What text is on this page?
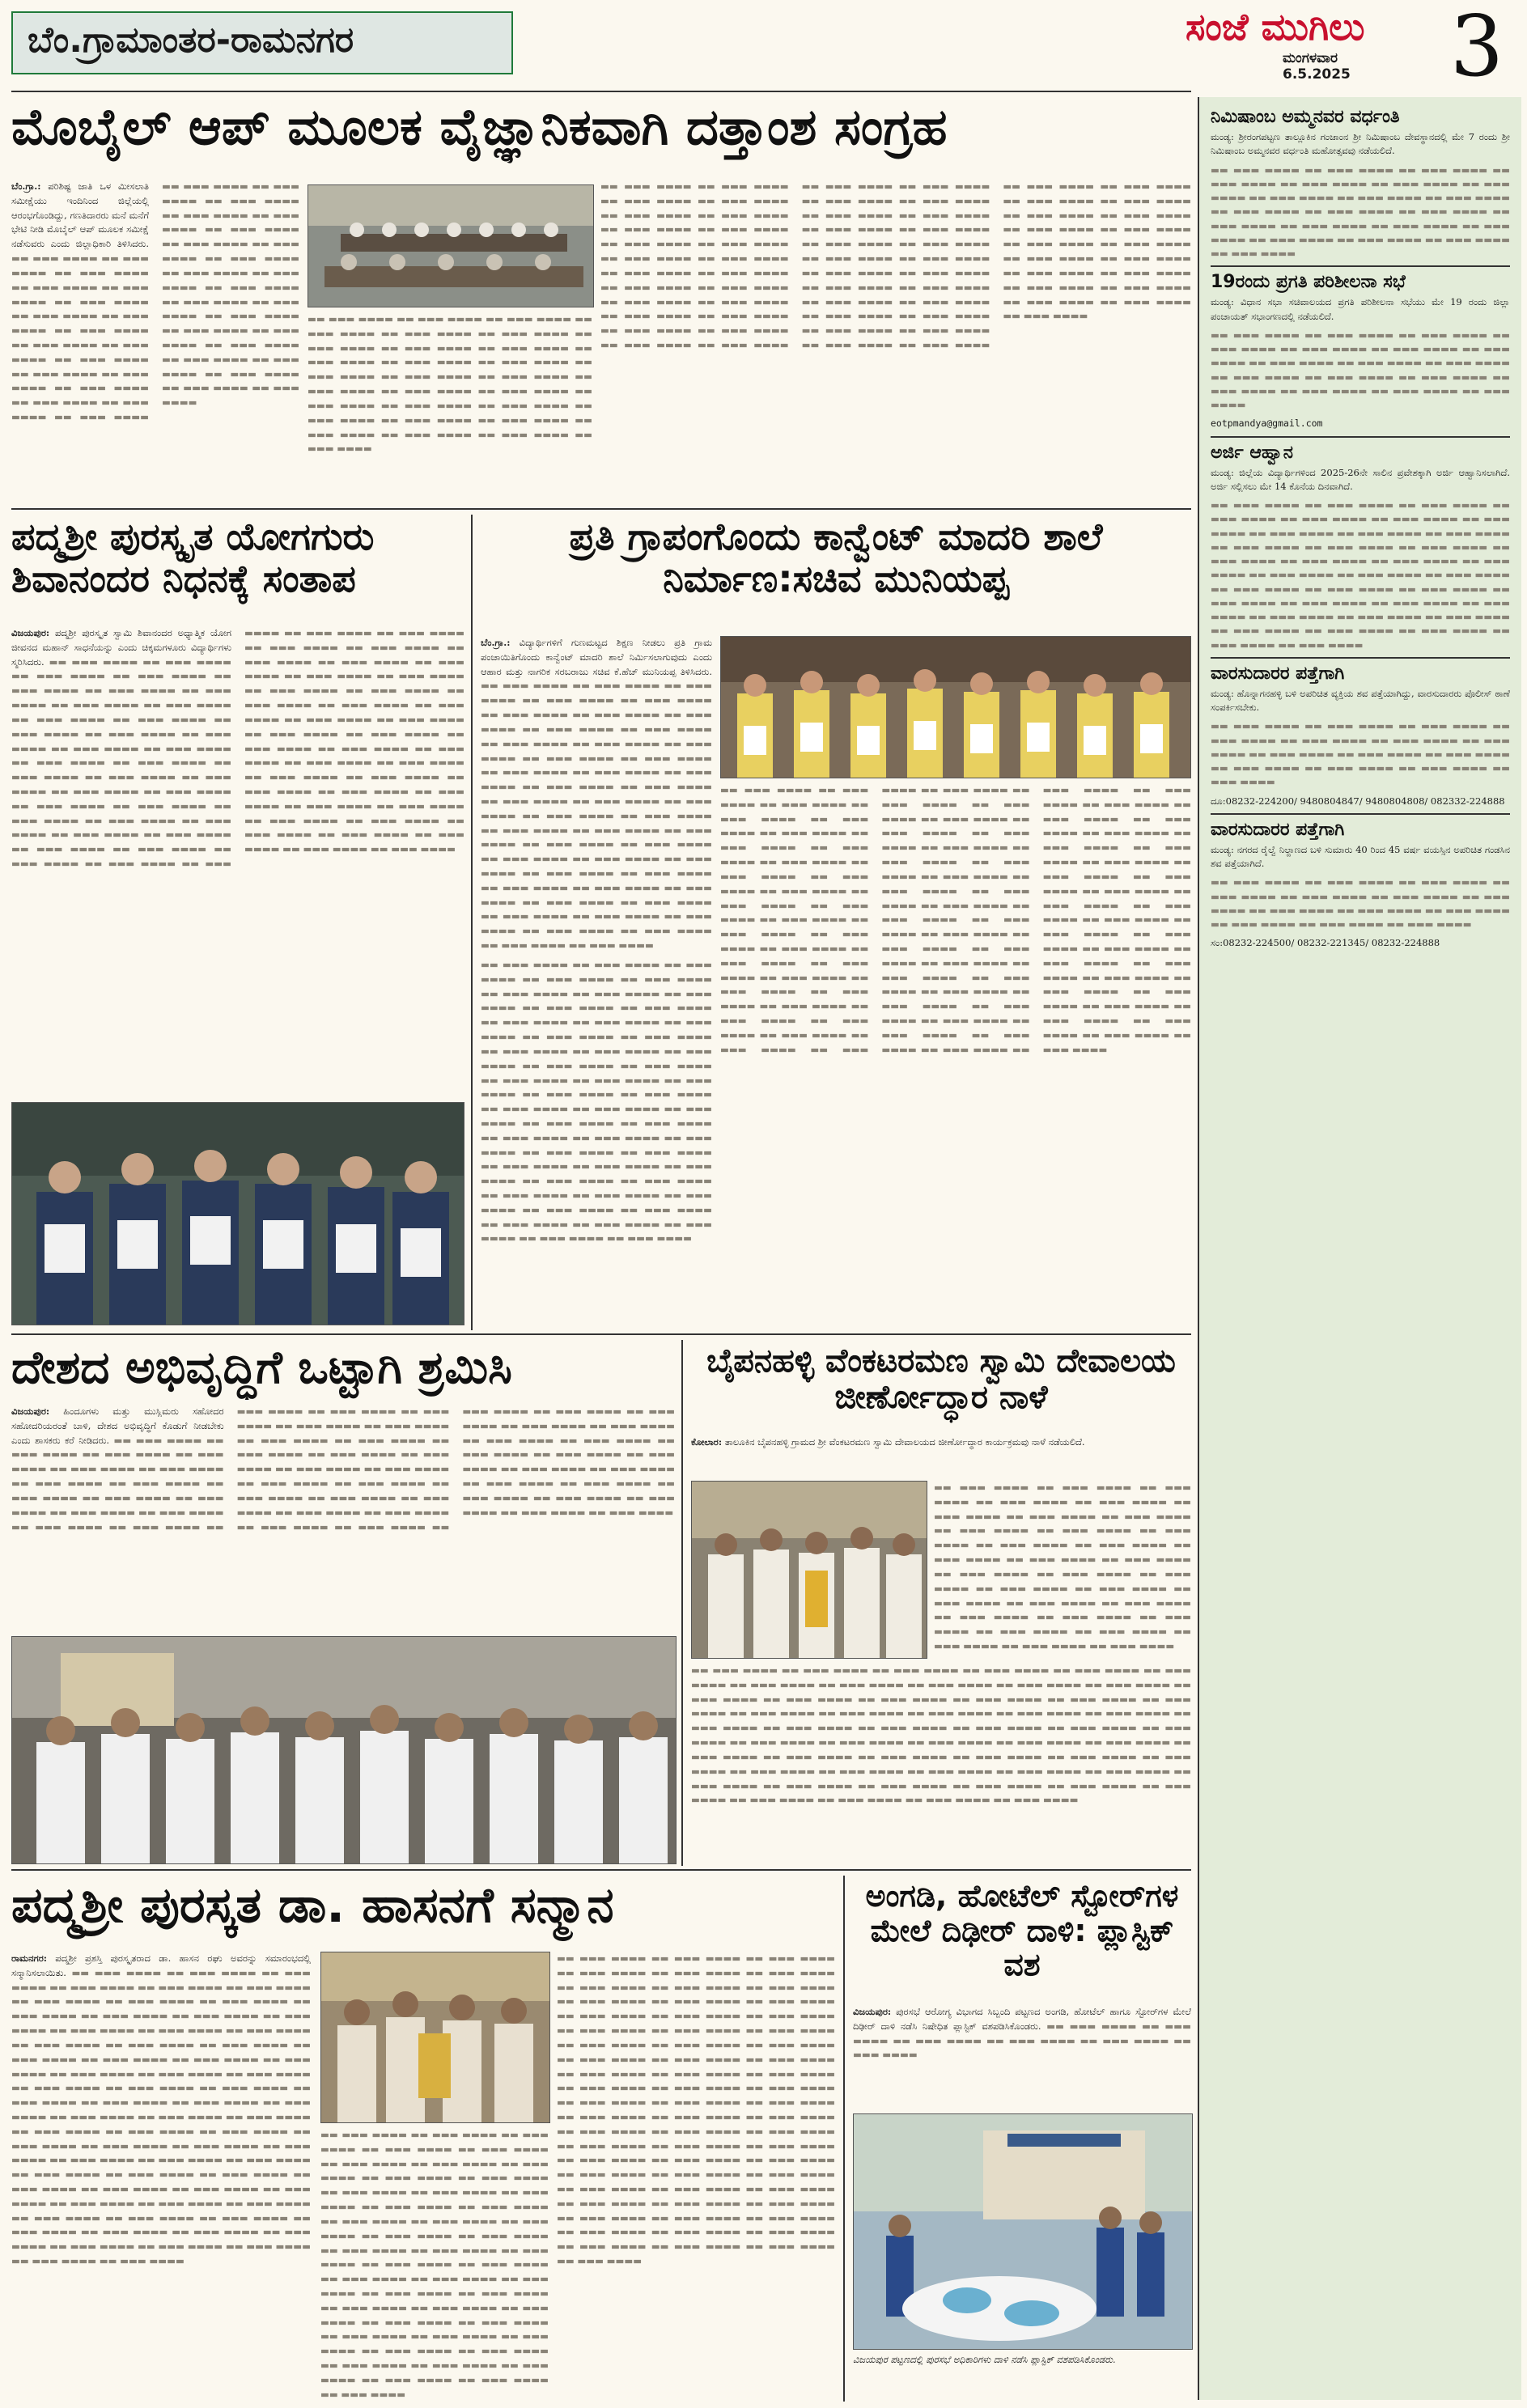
ಬೆಂ.ಗ್ರಾಮಾಂತರ-ರಾಮನಗರ	ಸಂಜೆ ಮುಗಿಲು
ಮಂಗಳವಾರ
6.5.2025	3
ನಿಮಿಷಾಂಬ ಅಮ್ಮನವರ ವರ್ಧಂತಿ

ಮಂಡ್ಯ: ಶ್ರೀರಂಗಪಟ್ಟಣ ತಾಲ್ಲೂಕಿನ ಗಂಜಾಂನ ಶ್ರೀ ನಿಮಿಷಾಂಬ ದೇವಸ್ಥಾನದಲ್ಲಿ ಮೇ 7 ರಂದು ಶ್ರೀ ನಿಮಿಷಾಂಬ ಅಮ್ಮನವರ ವರ್ಧಂತಿ ಮಹೋತ್ಸವವು ನಡೆಯಲಿದೆ.

▬▬ ▬▬▬ ▬▬▬▬ ▬▬ ▬▬▬ ▬▬▬▬ ▬▬ ▬▬▬ ▬▬▬▬ ▬▬ ▬▬▬ ▬▬▬▬ ▬▬ ▬▬▬ ▬▬▬▬ ▬▬ ▬▬▬ ▬▬▬▬ ▬▬ ▬▬▬ ▬▬▬▬ ▬▬ ▬▬▬ ▬▬▬▬ ▬▬ ▬▬▬ ▬▬▬▬ ▬▬ ▬▬▬ ▬▬▬▬ ▬▬ ▬▬▬ ▬▬▬▬ ▬▬ ▬▬▬ ▬▬▬▬ ▬▬ ▬▬▬ ▬▬▬▬ ▬▬ ▬▬▬ ▬▬▬▬ ▬▬ ▬▬▬ ▬▬▬▬ ▬▬ ▬▬▬ ▬▬▬▬ ▬▬ ▬▬▬ ▬▬▬▬ ▬▬ ▬▬▬ ▬▬▬▬ ▬▬ ▬▬▬ ▬▬▬▬ ▬▬ ▬▬▬ ▬▬▬▬ ▬▬ ▬▬▬ ▬▬▬▬

19ರಂದು ಪ್ರಗತಿ ಪರಿಶೀಲನಾ ಸಭೆ

ಮಂಡ್ಯ: ವಿಧಾನ ಸಭಾ ಸಚಿವಾಲಯದ ಪ್ರಗತಿ ಪರಿಶೀಲನಾ ಸಭೆಯು ಮೇ 19 ರಂದು ಜಿಲ್ಲಾ ಪಂಚಾಯತ್ ಸಭಾಂಗಣದಲ್ಲಿ ನಡೆಯಲಿದೆ.

▬▬ ▬▬▬ ▬▬▬▬ ▬▬ ▬▬▬ ▬▬▬▬ ▬▬ ▬▬▬ ▬▬▬▬ ▬▬ ▬▬▬ ▬▬▬▬ ▬▬ ▬▬▬ ▬▬▬▬ ▬▬ ▬▬▬ ▬▬▬▬ ▬▬ ▬▬▬ ▬▬▬▬ ▬▬ ▬▬▬ ▬▬▬▬ ▬▬ ▬▬▬ ▬▬▬▬ ▬▬ ▬▬▬ ▬▬▬▬ ▬▬ ▬▬▬ ▬▬▬▬ ▬▬ ▬▬▬ ▬▬▬▬ ▬▬ ▬▬▬ ▬▬▬▬ ▬▬ ▬▬▬ ▬▬▬▬ ▬▬ ▬▬▬ ▬▬▬▬ ▬▬ ▬▬▬ ▬▬▬▬ ▬▬ ▬▬▬ ▬▬▬▬

eotpmandya@gmail.com

ಅರ್ಜಿ ಆಹ್ವಾನ

ಮಂಡ್ಯ: ಜಿಲ್ಲೆಯ ವಿದ್ಯಾರ್ಥಿಗಳಿಂದ 2025-26ನೇ ಸಾಲಿನ ಪ್ರವೇಶಕ್ಕಾಗಿ ಅರ್ಜಿ ಆಹ್ವಾನಿಸಲಾಗಿದೆ. ಅರ್ಜಿ ಸಲ್ಲಿಸಲು ಮೇ 14 ಕೊನೆಯ ದಿನವಾಗಿದೆ.

▬▬ ▬▬▬ ▬▬▬▬ ▬▬ ▬▬▬ ▬▬▬▬ ▬▬ ▬▬▬ ▬▬▬▬ ▬▬ ▬▬▬ ▬▬▬▬ ▬▬ ▬▬▬ ▬▬▬▬ ▬▬ ▬▬▬ ▬▬▬▬ ▬▬ ▬▬▬ ▬▬▬▬ ▬▬ ▬▬▬ ▬▬▬▬ ▬▬ ▬▬▬ ▬▬▬▬ ▬▬ ▬▬▬ ▬▬▬▬ ▬▬ ▬▬▬ ▬▬▬▬ ▬▬ ▬▬▬ ▬▬▬▬ ▬▬ ▬▬▬ ▬▬▬▬ ▬▬ ▬▬▬ ▬▬▬▬ ▬▬ ▬▬▬ ▬▬▬▬ ▬▬ ▬▬▬ ▬▬▬▬ ▬▬ ▬▬▬ ▬▬▬▬ ▬▬ ▬▬▬ ▬▬▬▬ ▬▬ ▬▬▬ ▬▬▬▬ ▬▬ ▬▬▬ ▬▬▬▬ ▬▬ ▬▬▬ ▬▬▬▬ ▬▬ ▬▬▬ ▬▬▬▬ ▬▬ ▬▬▬ ▬▬▬▬ ▬▬ ▬▬▬ ▬▬▬▬ ▬▬ ▬▬▬ ▬▬▬▬ ▬▬ ▬▬▬ ▬▬▬▬ ▬▬ ▬▬▬ ▬▬▬▬ ▬▬ ▬▬▬ ▬▬▬▬ ▬▬ ▬▬▬ ▬▬▬▬ ▬▬ ▬▬▬ ▬▬▬▬ ▬▬ ▬▬▬ ▬▬▬▬ ▬▬ ▬▬▬ ▬▬▬▬ ▬▬ ▬▬▬ ▬▬▬▬ ▬▬ ▬▬▬ ▬▬▬▬ ▬▬ ▬▬▬ ▬▬▬▬

ವಾರಸುದಾರರ ಪತ್ತೆಗಾಗಿ

ಮಂಡ್ಯ: ಹೊನ್ನಾಗನಹಳ್ಳಿ ಬಳಿ ಅಪರಿಚಿತ ವ್ಯಕ್ತಿಯ ಶವ ಪತ್ತೆಯಾಗಿದ್ದು, ವಾರಸುದಾರರು ಪೊಲೀಸ್ ಠಾಣೆ ಸಂಪರ್ಕಿಸಬೇಕು.

▬▬ ▬▬▬ ▬▬▬▬ ▬▬ ▬▬▬ ▬▬▬▬ ▬▬ ▬▬▬ ▬▬▬▬ ▬▬ ▬▬▬ ▬▬▬▬ ▬▬ ▬▬▬ ▬▬▬▬ ▬▬ ▬▬▬ ▬▬▬▬ ▬▬ ▬▬▬ ▬▬▬▬ ▬▬ ▬▬▬ ▬▬▬▬ ▬▬ ▬▬▬ ▬▬▬▬ ▬▬ ▬▬▬ ▬▬▬▬ ▬▬ ▬▬▬ ▬▬▬▬ ▬▬ ▬▬▬ ▬▬▬▬ ▬▬ ▬▬▬ ▬▬▬▬ ▬▬ ▬▬▬ ▬▬▬▬

ದೂ:08232-224200/ 9480804847/ 9480804808/ 082332-224888

ವಾರಸುದಾರರ ಪತ್ತೆಗಾಗಿ

ಮಂಡ್ಯ: ನಗರದ ರೈಲ್ವೆ ನಿಲ್ದಾಣದ ಬಳಿ ಸುಮಾರು 40 ರಿಂದ 45 ವರ್ಷ ವಯಸ್ಸಿನ ಅಪರಿಚಿತ ಗಂಡಸಿನ ಶವ ಪತ್ತೆಯಾಗಿದೆ.

▬▬ ▬▬▬ ▬▬▬▬ ▬▬ ▬▬▬ ▬▬▬▬ ▬▬ ▬▬▬ ▬▬▬▬ ▬▬ ▬▬▬ ▬▬▬▬ ▬▬ ▬▬▬ ▬▬▬▬ ▬▬ ▬▬▬ ▬▬▬▬ ▬▬ ▬▬▬ ▬▬▬▬ ▬▬ ▬▬▬ ▬▬▬▬ ▬▬ ▬▬▬ ▬▬▬▬ ▬▬ ▬▬▬ ▬▬▬▬ ▬▬ ▬▬▬ ▬▬▬▬ ▬▬ ▬▬▬ ▬▬▬▬ ▬▬ ▬▬▬ ▬▬▬▬

ಸಂ:08232-224500/ 08232-221345/ 08232-224888

ಮೊಬೈಲ್ ಆಪ್ ಮೂಲಕ ವೈಜ್ಞಾನಿಕವಾಗಿ ದತ್ತಾಂಶ ಸಂಗ್ರಹ
ಬೆಂ.ಗ್ರಾ.: ಪರಿಶಿಷ್ಟ ಜಾತಿ ಒಳ ಮೀಸಲಾತಿ ಸಮೀಕ್ಷೆಯು ಇಂದಿನಿಂದ ಜಿಲ್ಲೆಯಲ್ಲಿ ಆರಂಭಗೊಂಡಿದ್ದು, ಗಣತಿದಾರರು ಮನೆ ಮನೆಗೆ ಭೇಟಿ ನೀಡಿ ಮೊಬೈಲ್ ಆಪ್ ಮೂಲಕ ಸಮೀಕ್ಷೆ ನಡೆಸುವರು ಎಂದು ಜಿಲ್ಲಾಧಿಕಾರಿ ತಿಳಿಸಿದರು. ▬▬ ▬▬▬ ▬▬▬▬ ▬▬ ▬▬▬ ▬▬▬▬ ▬▬ ▬▬▬ ▬▬▬▬ ▬▬ ▬▬▬ ▬▬▬▬ ▬▬ ▬▬▬ ▬▬▬▬ ▬▬ ▬▬▬ ▬▬▬▬ ▬▬ ▬▬▬ ▬▬▬▬ ▬▬ ▬▬▬ ▬▬▬▬ ▬▬ ▬▬▬ ▬▬▬▬ ▬▬ ▬▬▬ ▬▬▬▬ ▬▬ ▬▬▬ ▬▬▬▬ ▬▬ ▬▬▬ ▬▬▬▬ ▬▬ ▬▬▬ ▬▬▬▬ ▬▬ ▬▬▬ ▬▬▬▬ ▬▬ ▬▬▬ ▬▬▬▬ ▬▬ ▬▬▬ ▬▬▬▬ ▬▬ ▬▬▬ ▬▬▬▬ ▬▬ ▬▬▬ ▬▬▬▬ ▬▬ ▬▬▬ ▬▬▬▬ ▬▬ ▬▬▬ ▬▬▬▬ ▬▬ ▬▬▬ ▬▬▬▬ ▬▬ ▬▬▬ ▬▬▬▬ ▬▬ ▬▬▬ ▬▬▬▬ ▬▬ ▬▬▬ ▬▬▬▬ ▬▬ ▬▬▬ ▬▬▬▬ ▬▬ ▬▬▬ ▬▬▬▬ ▬▬ ▬▬▬ ▬▬▬▬ ▬▬ ▬▬▬ ▬▬▬▬ ▬▬ ▬▬▬ ▬▬▬▬ ▬▬ ▬▬▬ ▬▬▬▬ ▬▬ ▬▬▬ ▬▬▬▬ ▬▬ ▬▬▬ ▬▬▬▬ ▬▬ ▬▬▬ ▬▬▬▬ ▬▬ ▬▬▬ ▬▬▬▬ ▬▬ ▬▬▬ ▬▬▬▬ ▬▬ ▬▬▬ ▬▬▬▬ ▬▬ ▬▬▬ ▬▬▬▬ ▬▬ ▬▬▬ ▬▬▬▬ ▬▬ ▬▬▬ ▬▬▬▬ ▬▬ ▬▬▬ ▬▬▬▬ ▬▬ ▬▬▬ ▬▬▬▬
▬▬ ▬▬▬ ▬▬▬▬ ▬▬ ▬▬▬ ▬▬▬▬ ▬▬ ▬▬▬ ▬▬▬▬ ▬▬ ▬▬▬ ▬▬▬▬ ▬▬ ▬▬▬ ▬▬▬▬ ▬▬ ▬▬▬ ▬▬▬▬ ▬▬ ▬▬▬ ▬▬▬▬ ▬▬ ▬▬▬ ▬▬▬▬ ▬▬ ▬▬▬ ▬▬▬▬ ▬▬ ▬▬▬ ▬▬▬▬ ▬▬ ▬▬▬ ▬▬▬▬ ▬▬ ▬▬▬ ▬▬▬▬ ▬▬ ▬▬▬ ▬▬▬▬ ▬▬ ▬▬▬ ▬▬▬▬ ▬▬ ▬▬▬ ▬▬▬▬ ▬▬ ▬▬▬ ▬▬▬▬ ▬▬ ▬▬▬ ▬▬▬▬ ▬▬ ▬▬▬ ▬▬▬▬ ▬▬ ▬▬▬ ▬▬▬▬ ▬▬ ▬▬▬ ▬▬▬▬ ▬▬ ▬▬▬ ▬▬▬▬ ▬▬ ▬▬▬ ▬▬▬▬ ▬▬ ▬▬▬ ▬▬▬▬ ▬▬ ▬▬▬ ▬▬▬▬ ▬▬ ▬▬▬ ▬▬▬▬ ▬▬ ▬▬▬ ▬▬▬▬ ▬▬ ▬▬▬ ▬▬▬▬ ▬▬ ▬▬▬ ▬▬▬▬
▬▬ ▬▬▬ ▬▬▬▬ ▬▬ ▬▬▬ ▬▬▬▬ ▬▬ ▬▬▬ ▬▬▬▬ ▬▬ ▬▬▬ ▬▬▬▬ ▬▬ ▬▬▬ ▬▬▬▬ ▬▬ ▬▬▬ ▬▬▬▬ ▬▬ ▬▬▬ ▬▬▬▬ ▬▬ ▬▬▬ ▬▬▬▬ ▬▬ ▬▬▬ ▬▬▬▬ ▬▬ ▬▬▬ ▬▬▬▬ ▬▬ ▬▬▬ ▬▬▬▬ ▬▬ ▬▬▬ ▬▬▬▬ ▬▬ ▬▬▬ ▬▬▬▬ ▬▬ ▬▬▬ ▬▬▬▬ ▬▬ ▬▬▬ ▬▬▬▬ ▬▬ ▬▬▬ ▬▬▬▬ ▬▬ ▬▬▬ ▬▬▬▬ ▬▬ ▬▬▬ ▬▬▬▬ ▬▬ ▬▬▬ ▬▬▬▬ ▬▬ ▬▬▬ ▬▬▬▬ ▬▬ ▬▬▬ ▬▬▬▬ ▬▬ ▬▬▬ ▬▬▬▬ ▬▬ ▬▬▬ ▬▬▬▬ ▬▬ ▬▬▬ ▬▬▬▬ ▬▬ ▬▬▬ ▬▬▬▬ ▬▬ ▬▬▬ ▬▬▬▬ ▬▬ ▬▬▬ ▬▬▬▬ ▬▬ ▬▬▬ ▬▬▬▬ ▬▬ ▬▬▬ ▬▬▬▬ ▬▬ ▬▬▬ ▬▬▬▬ ▬▬ ▬▬▬ ▬▬▬▬ ▬▬ ▬▬▬ ▬▬▬▬ ▬▬ ▬▬▬ ▬▬▬▬ ▬▬ ▬▬▬ ▬▬▬▬ ▬▬ ▬▬▬ ▬▬▬▬ ▬▬ ▬▬▬ ▬▬▬▬ ▬▬ ▬▬▬ ▬▬▬▬ ▬▬ ▬▬▬ ▬▬▬▬ ▬▬ ▬▬▬ ▬▬▬▬ ▬▬ ▬▬▬ ▬▬▬▬ ▬▬ ▬▬▬ ▬▬▬▬ ▬▬ ▬▬▬ ▬▬▬▬ ▬▬ ▬▬▬ ▬▬▬▬ ▬▬ ▬▬▬ ▬▬▬▬ ▬▬ ▬▬▬ ▬▬▬▬ ▬▬ ▬▬▬ ▬▬▬▬ ▬▬ ▬▬▬ ▬▬▬▬ ▬▬ ▬▬▬ ▬▬▬▬ ▬▬ ▬▬▬ ▬▬▬▬ ▬▬ ▬▬▬ ▬▬▬▬ ▬▬ ▬▬▬ ▬▬▬▬ ▬▬ ▬▬▬ ▬▬▬▬ ▬▬ ▬▬▬ ▬▬▬▬ ▬▬ ▬▬▬ ▬▬▬▬ ▬▬ ▬▬▬ ▬▬▬▬ ▬▬ ▬▬▬ ▬▬▬▬ ▬▬ ▬▬▬ ▬▬▬▬ ▬▬ ▬▬▬ ▬▬▬▬ ▬▬ ▬▬▬ ▬▬▬▬ ▬▬ ▬▬▬ ▬▬▬▬ ▬▬ ▬▬▬ ▬▬▬▬ ▬▬ ▬▬▬ ▬▬▬▬ ▬▬ ▬▬▬ ▬▬▬▬ ▬▬ ▬▬▬ ▬▬▬▬ ▬▬ ▬▬▬ ▬▬▬▬ ▬▬ ▬▬▬ ▬▬▬▬ ▬▬ ▬▬▬ ▬▬▬▬
ಪದ್ಮಶ್ರೀ ಪುರಸ್ಕೃತ ಯೋಗಗುರು ಶಿವಾನಂದರ ನಿಧನಕ್ಕೆ ಸಂತಾಪ
ವಿಜಯಪುರ: ಪದ್ಮಶ್ರೀ ಪುರಸ್ಕೃತ ಸ್ವಾಮಿ ಶಿವಾನಂದರ ಅಧ್ಯಾತ್ಮಿಕ ಯೋಗ ಜೀವನದ ಮಹಾನ್ ಸಾಧನೆಯನ್ನು ಎಂದು ಚಿಕ್ಕಮಗಳೂರು ವಿದ್ಯಾರ್ಥಿಗಳು ಸ್ಮರಿಸಿದರು. ▬▬ ▬▬▬ ▬▬▬▬ ▬▬ ▬▬▬ ▬▬▬▬ ▬▬ ▬▬▬ ▬▬▬▬ ▬▬ ▬▬▬ ▬▬▬▬ ▬▬ ▬▬▬ ▬▬▬▬ ▬▬ ▬▬▬ ▬▬▬▬ ▬▬ ▬▬▬ ▬▬▬▬ ▬▬ ▬▬▬ ▬▬▬▬ ▬▬ ▬▬▬ ▬▬▬▬ ▬▬ ▬▬▬ ▬▬▬▬ ▬▬ ▬▬▬ ▬▬▬▬ ▬▬ ▬▬▬ ▬▬▬▬ ▬▬ ▬▬▬ ▬▬▬▬ ▬▬ ▬▬▬ ▬▬▬▬ ▬▬ ▬▬▬ ▬▬▬▬ ▬▬ ▬▬▬ ▬▬▬▬ ▬▬ ▬▬▬ ▬▬▬▬ ▬▬ ▬▬▬ ▬▬▬▬ ▬▬ ▬▬▬ ▬▬▬▬ ▬▬ ▬▬▬ ▬▬▬▬ ▬▬ ▬▬▬ ▬▬▬▬ ▬▬ ▬▬▬ ▬▬▬▬ ▬▬ ▬▬▬ ▬▬▬▬ ▬▬ ▬▬▬ ▬▬▬▬ ▬▬ ▬▬▬ ▬▬▬▬ ▬▬ ▬▬▬ ▬▬▬▬ ▬▬ ▬▬▬ ▬▬▬▬ ▬▬ ▬▬▬ ▬▬▬▬ ▬▬ ▬▬▬ ▬▬▬▬ ▬▬ ▬▬▬ ▬▬▬▬ ▬▬ ▬▬▬ ▬▬▬▬ ▬▬ ▬▬▬ ▬▬▬▬ ▬▬ ▬▬▬ ▬▬▬▬ ▬▬ ▬▬▬ ▬▬▬▬ ▬▬ ▬▬▬ ▬▬▬▬ ▬▬ ▬▬▬ ▬▬▬▬ ▬▬ ▬▬▬ ▬▬▬▬ ▬▬ ▬▬▬ ▬▬▬▬ ▬▬ ▬▬▬ ▬▬▬▬ ▬▬ ▬▬▬ ▬▬▬▬ ▬▬ ▬▬▬ ▬▬▬▬ ▬▬ ▬▬▬ ▬▬▬▬ ▬▬ ▬▬▬ ▬▬▬▬ ▬▬ ▬▬▬ ▬▬▬▬ ▬▬ ▬▬▬ ▬▬▬▬ ▬▬ ▬▬▬ ▬▬▬▬ ▬▬ ▬▬▬ ▬▬▬▬ ▬▬ ▬▬▬ ▬▬▬▬ ▬▬ ▬▬▬ ▬▬▬▬ ▬▬ ▬▬▬ ▬▬▬▬ ▬▬ ▬▬▬ ▬▬▬▬ ▬▬ ▬▬▬ ▬▬▬▬ ▬▬ ▬▬▬ ▬▬▬▬ ▬▬ ▬▬▬ ▬▬▬▬ ▬▬ ▬▬▬ ▬▬▬▬ ▬▬ ▬▬▬ ▬▬▬▬ ▬▬ ▬▬▬ ▬▬▬▬ ▬▬ ▬▬▬ ▬▬▬▬ ▬▬ ▬▬▬ ▬▬▬▬ ▬▬ ▬▬▬ ▬▬▬▬ ▬▬ ▬▬▬ ▬▬▬▬ ▬▬ ▬▬▬ ▬▬▬▬ ▬▬ ▬▬▬ ▬▬▬▬ ▬▬ ▬▬▬ ▬▬▬▬ ▬▬ ▬▬▬ ▬▬▬▬ ▬▬ ▬▬▬ ▬▬▬▬ ▬▬ ▬▬▬ ▬▬▬▬ ▬▬ ▬▬▬ ▬▬▬▬ ▬▬ ▬▬▬ ▬▬▬▬ ▬▬ ▬▬▬ ▬▬▬▬ ▬▬ ▬▬▬ ▬▬▬▬ ▬▬ ▬▬▬ ▬▬▬▬
ಪ್ರತಿ ಗ್ರಾಪಂಗೊಂದು ಕಾನ್ವೆಂಟ್ ಮಾದರಿ ಶಾಲೆ ನಿರ್ಮಾಣ:ಸಚಿವ ಮುನಿಯಪ್ಪ
ಬೆಂ.ಗ್ರಾ.: ವಿದ್ಯಾರ್ಥಿಗಳಿಗೆ ಗುಣಮಟ್ಟದ ಶಿಕ್ಷಣ ನೀಡಲು ಪ್ರತಿ ಗ್ರಾಮ ಪಂಚಾಯಿತಿಗೊಂದು ಕಾನ್ವೆಂಟ್ ಮಾದರಿ ಶಾಲೆ ನಿರ್ಮಿಸಲಾಗುವುದು ಎಂದು ಆಹಾರ ಮತ್ತು ನಾಗರಿಕ ಸರಬರಾಜು ಸಚಿವ ಕೆ.ಹೆಚ್ ಮುನಿಯಪ್ಪ ತಿಳಿಸಿದರು. ▬▬ ▬▬▬ ▬▬▬▬ ▬▬ ▬▬▬ ▬▬▬▬ ▬▬ ▬▬▬ ▬▬▬▬ ▬▬ ▬▬▬ ▬▬▬▬ ▬▬ ▬▬▬ ▬▬▬▬ ▬▬ ▬▬▬ ▬▬▬▬ ▬▬ ▬▬▬ ▬▬▬▬ ▬▬ ▬▬▬ ▬▬▬▬ ▬▬ ▬▬▬ ▬▬▬▬ ▬▬ ▬▬▬ ▬▬▬▬ ▬▬ ▬▬▬ ▬▬▬▬ ▬▬ ▬▬▬ ▬▬▬▬ ▬▬ ▬▬▬ ▬▬▬▬ ▬▬ ▬▬▬ ▬▬▬▬ ▬▬ ▬▬▬ ▬▬▬▬ ▬▬ ▬▬▬ ▬▬▬▬ ▬▬ ▬▬▬ ▬▬▬▬ ▬▬ ▬▬▬ ▬▬▬▬ ▬▬ ▬▬▬ ▬▬▬▬ ▬▬ ▬▬▬ ▬▬▬▬ ▬▬ ▬▬▬ ▬▬▬▬ ▬▬ ▬▬▬ ▬▬▬▬ ▬▬ ▬▬▬ ▬▬▬▬ ▬▬ ▬▬▬ ▬▬▬▬ ▬▬ ▬▬▬ ▬▬▬▬ ▬▬ ▬▬▬ ▬▬▬▬ ▬▬ ▬▬▬ ▬▬▬▬ ▬▬ ▬▬▬ ▬▬▬▬ ▬▬ ▬▬▬ ▬▬▬▬ ▬▬ ▬▬▬ ▬▬▬▬ ▬▬ ▬▬▬ ▬▬▬▬ ▬▬ ▬▬▬ ▬▬▬▬ ▬▬ ▬▬▬ ▬▬▬▬ ▬▬ ▬▬▬ ▬▬▬▬ ▬▬ ▬▬▬ ▬▬▬▬ ▬▬ ▬▬▬ ▬▬▬▬ ▬▬ ▬▬▬ ▬▬▬▬ ▬▬ ▬▬▬ ▬▬▬▬ ▬▬ ▬▬▬ ▬▬▬▬ ▬▬ ▬▬▬ ▬▬▬▬ ▬▬ ▬▬▬ ▬▬▬▬ ▬▬ ▬▬▬ ▬▬▬▬ ▬▬ ▬▬▬ ▬▬▬▬ ▬▬ ▬▬▬ ▬▬▬▬ ▬▬ ▬▬▬ ▬▬▬▬ ▬▬ ▬▬▬ ▬▬▬▬ ▬▬ ▬▬▬ ▬▬▬▬
▬▬ ▬▬▬ ▬▬▬▬ ▬▬ ▬▬▬ ▬▬▬▬ ▬▬ ▬▬▬ ▬▬▬▬ ▬▬ ▬▬▬ ▬▬▬▬ ▬▬ ▬▬▬ ▬▬▬▬ ▬▬ ▬▬▬ ▬▬▬▬ ▬▬ ▬▬▬ ▬▬▬▬ ▬▬ ▬▬▬ ▬▬▬▬ ▬▬ ▬▬▬ ▬▬▬▬ ▬▬ ▬▬▬ ▬▬▬▬ ▬▬ ▬▬▬ ▬▬▬▬ ▬▬ ▬▬▬ ▬▬▬▬ ▬▬ ▬▬▬ ▬▬▬▬ ▬▬ ▬▬▬ ▬▬▬▬ ▬▬ ▬▬▬ ▬▬▬▬ ▬▬ ▬▬▬ ▬▬▬▬ ▬▬ ▬▬▬ ▬▬▬▬ ▬▬ ▬▬▬ ▬▬▬▬ ▬▬ ▬▬▬ ▬▬▬▬ ▬▬ ▬▬▬ ▬▬▬▬ ▬▬ ▬▬▬ ▬▬▬▬ ▬▬ ▬▬▬ ▬▬▬▬ ▬▬ ▬▬▬ ▬▬▬▬ ▬▬ ▬▬▬ ▬▬▬▬ ▬▬ ▬▬▬ ▬▬▬▬ ▬▬ ▬▬▬ ▬▬▬▬ ▬▬ ▬▬▬ ▬▬▬▬ ▬▬ ▬▬▬ ▬▬▬▬ ▬▬ ▬▬▬ ▬▬▬▬ ▬▬ ▬▬▬ ▬▬▬▬ ▬▬ ▬▬▬ ▬▬▬▬ ▬▬ ▬▬▬ ▬▬▬▬ ▬▬ ▬▬▬ ▬▬▬▬ ▬▬ ▬▬▬ ▬▬▬▬ ▬▬ ▬▬▬ ▬▬▬▬ ▬▬ ▬▬▬ ▬▬▬▬ ▬▬ ▬▬▬ ▬▬▬▬ ▬▬ ▬▬▬ ▬▬▬▬ ▬▬ ▬▬▬ ▬▬▬▬ ▬▬ ▬▬▬ ▬▬▬▬ ▬▬ ▬▬▬ ▬▬▬▬ ▬▬ ▬▬▬ ▬▬▬▬ ▬▬ ▬▬▬ ▬▬▬▬ ▬▬ ▬▬▬ ▬▬▬▬ ▬▬ ▬▬▬ ▬▬▬▬ ▬▬ ▬▬▬ ▬▬▬▬ ▬▬ ▬▬▬ ▬▬▬▬ ▬▬ ▬▬▬ ▬▬▬▬ ▬▬ ▬▬▬ ▬▬▬▬ ▬▬ ▬▬▬ ▬▬▬▬ ▬▬ ▬▬▬ ▬▬▬▬ ▬▬ ▬▬▬ ▬▬▬▬ ▬▬ ▬▬▬ ▬▬▬▬ ▬▬ ▬▬▬ ▬▬▬▬ ▬▬ ▬▬▬ ▬▬▬▬ ▬▬ ▬▬▬ ▬▬▬▬ ▬▬ ▬▬▬ ▬▬▬▬ ▬▬ ▬▬▬ ▬▬▬▬ ▬▬ ▬▬▬ ▬▬▬▬ ▬▬ ▬▬▬ ▬▬▬▬ ▬▬ ▬▬▬ ▬▬▬▬ ▬▬ ▬▬▬ ▬▬▬▬ ▬▬ ▬▬▬ ▬▬▬▬ ▬▬ ▬▬▬ ▬▬▬▬ ▬▬ ▬▬▬ ▬▬▬▬ ▬▬ ▬▬▬ ▬▬▬▬ ▬▬ ▬▬▬ ▬▬▬▬ ▬▬ ▬▬▬ ▬▬▬▬ ▬▬ ▬▬▬ ▬▬▬▬ ▬▬ ▬▬▬ ▬▬▬▬ ▬▬ ▬▬▬ ▬▬▬▬ ▬▬ ▬▬▬ ▬▬▬▬ ▬▬ ▬▬▬ ▬▬▬▬ ▬▬ ▬▬▬ ▬▬▬▬ ▬▬ ▬▬▬ ▬▬▬▬ ▬▬ ▬▬▬ ▬▬▬▬ ▬▬ ▬▬▬ ▬▬▬▬ ▬▬ ▬▬▬ ▬▬▬▬ ▬▬ ▬▬▬ ▬▬▬▬ ▬▬ ▬▬▬ ▬▬▬▬ ▬▬ ▬▬▬ ▬▬▬▬ ▬▬ ▬▬▬ ▬▬▬▬ ▬▬ ▬▬▬ ▬▬▬▬ ▬▬ ▬▬▬ ▬▬▬▬ ▬▬ ▬▬▬ ▬▬▬▬
▬▬ ▬▬▬ ▬▬▬▬ ▬▬ ▬▬▬ ▬▬▬▬ ▬▬ ▬▬▬ ▬▬▬▬ ▬▬ ▬▬▬ ▬▬▬▬ ▬▬ ▬▬▬ ▬▬▬▬ ▬▬ ▬▬▬ ▬▬▬▬ ▬▬ ▬▬▬ ▬▬▬▬ ▬▬ ▬▬▬ ▬▬▬▬ ▬▬ ▬▬▬ ▬▬▬▬ ▬▬ ▬▬▬ ▬▬▬▬ ▬▬ ▬▬▬ ▬▬▬▬ ▬▬ ▬▬▬ ▬▬▬▬ ▬▬ ▬▬▬ ▬▬▬▬ ▬▬ ▬▬▬ ▬▬▬▬ ▬▬ ▬▬▬ ▬▬▬▬ ▬▬ ▬▬▬ ▬▬▬▬ ▬▬ ▬▬▬ ▬▬▬▬ ▬▬ ▬▬▬ ▬▬▬▬ ▬▬ ▬▬▬ ▬▬▬▬ ▬▬ ▬▬▬ ▬▬▬▬ ▬▬ ▬▬▬ ▬▬▬▬ ▬▬ ▬▬▬ ▬▬▬▬ ▬▬ ▬▬▬ ▬▬▬▬ ▬▬ ▬▬▬ ▬▬▬▬ ▬▬ ▬▬▬ ▬▬▬▬ ▬▬ ▬▬▬ ▬▬▬▬ ▬▬ ▬▬▬ ▬▬▬▬ ▬▬ ▬▬▬ ▬▬▬▬ ▬▬ ▬▬▬ ▬▬▬▬ ▬▬ ▬▬▬ ▬▬▬▬ ▬▬ ▬▬▬ ▬▬▬▬ ▬▬ ▬▬▬ ▬▬▬▬ ▬▬ ▬▬▬ ▬▬▬▬ ▬▬ ▬▬▬ ▬▬▬▬ ▬▬ ▬▬▬ ▬▬▬▬ ▬▬ ▬▬▬ ▬▬▬▬ ▬▬ ▬▬▬ ▬▬▬▬ ▬▬ ▬▬▬ ▬▬▬▬ ▬▬ ▬▬▬ ▬▬▬▬ ▬▬ ▬▬▬ ▬▬▬▬ ▬▬ ▬▬▬ ▬▬▬▬ ▬▬ ▬▬▬ ▬▬▬▬ ▬▬ ▬▬▬ ▬▬▬▬ ▬▬ ▬▬▬ ▬▬▬▬ ▬▬ ▬▬▬ ▬▬▬▬ ▬▬ ▬▬▬ ▬▬▬▬ ▬▬ ▬▬▬ ▬▬▬▬ ▬▬ ▬▬▬ ▬▬▬▬ ▬▬ ▬▬▬ ▬▬▬▬ ▬▬ ▬▬▬ ▬▬▬▬
ದೇಶದ ಅಭಿವೃದ್ಧಿಗೆ ಒಟ್ಟಾಗಿ ಶ್ರಮಿಸಿ
ವಿಜಯಪುರ: ಹಿಂದೂಗಳು ಮತ್ತು ಮುಸ್ಲಿಮರು ಸಹೋದರ ಸಹೋದರಿಯರಂತೆ ಬಾಳಿ, ದೇಶದ ಅಭಿವೃದ್ಧಿಗೆ ಕೊಡುಗೆ ನೀಡಬೇಕು ಎಂದು ಶಾಸಕರು ಕರೆ ನೀಡಿದರು. ▬▬ ▬▬▬ ▬▬▬▬ ▬▬ ▬▬▬ ▬▬▬▬ ▬▬ ▬▬▬ ▬▬▬▬ ▬▬ ▬▬▬ ▬▬▬▬ ▬▬ ▬▬▬ ▬▬▬▬ ▬▬ ▬▬▬ ▬▬▬▬ ▬▬ ▬▬▬ ▬▬▬▬ ▬▬ ▬▬▬ ▬▬▬▬ ▬▬ ▬▬▬ ▬▬▬▬ ▬▬ ▬▬▬ ▬▬▬▬ ▬▬ ▬▬▬ ▬▬▬▬ ▬▬ ▬▬▬ ▬▬▬▬ ▬▬ ▬▬▬ ▬▬▬▬ ▬▬ ▬▬▬ ▬▬▬▬ ▬▬ ▬▬▬ ▬▬▬▬ ▬▬ ▬▬▬ ▬▬▬▬ ▬▬ ▬▬▬ ▬▬▬▬ ▬▬ ▬▬▬ ▬▬▬▬ ▬▬ ▬▬▬ ▬▬▬▬ ▬▬ ▬▬▬ ▬▬▬▬ ▬▬ ▬▬▬ ▬▬▬▬ ▬▬ ▬▬▬ ▬▬▬▬ ▬▬ ▬▬▬ ▬▬▬▬ ▬▬ ▬▬▬ ▬▬▬▬ ▬▬ ▬▬▬ ▬▬▬▬ ▬▬ ▬▬▬ ▬▬▬▬ ▬▬ ▬▬▬ ▬▬▬▬ ▬▬ ▬▬▬ ▬▬▬▬ ▬▬ ▬▬▬ ▬▬▬▬ ▬▬ ▬▬▬ ▬▬▬▬ ▬▬ ▬▬▬ ▬▬▬▬ ▬▬ ▬▬▬ ▬▬▬▬ ▬▬ ▬▬▬ ▬▬▬▬ ▬▬ ▬▬▬ ▬▬▬▬ ▬▬ ▬▬▬ ▬▬▬▬ ▬▬ ▬▬▬ ▬▬▬▬ ▬▬ ▬▬▬ ▬▬▬▬ ▬▬ ▬▬▬ ▬▬▬▬ ▬▬ ▬▬▬ ▬▬▬▬ ▬▬ ▬▬▬ ▬▬▬▬ ▬▬ ▬▬▬ ▬▬▬▬ ▬▬ ▬▬▬ ▬▬▬▬ ▬▬ ▬▬▬ ▬▬▬▬ ▬▬ ▬▬▬ ▬▬▬▬ ▬▬ ▬▬▬ ▬▬▬▬ ▬▬ ▬▬▬ ▬▬▬▬ ▬▬ ▬▬▬ ▬▬▬▬ ▬▬ ▬▬▬ ▬▬▬▬ ▬▬ ▬▬▬ ▬▬▬▬ ▬▬ ▬▬▬ ▬▬▬▬ ▬▬ ▬▬▬ ▬▬▬▬ ▬▬ ▬▬▬ ▬▬▬▬ ▬▬ ▬▬▬ ▬▬▬▬ ▬▬ ▬▬▬ ▬▬▬▬ ▬▬ ▬▬▬ ▬▬▬▬
ಬೈಪನಹಳ್ಳಿ ವೆಂಕಟರಮಣ ಸ್ವಾಮಿ ದೇವಾಲಯ ಜೀರ್ಣೋದ್ಧಾರ ನಾಳೆ
ಕೋಲಾರ: ತಾಲೂಕಿನ ಬೈಪನಹಳ್ಳಿ ಗ್ರಾಮದ ಶ್ರೀ ವೆಂಕಟರಮಣ ಸ್ವಾಮಿ ದೇವಾಲಯದ ಜೀರ್ಣೋದ್ಧಾರ ಕಾರ್ಯಕ್ರಮವು ನಾಳೆ ನಡೆಯಲಿದೆ.
▬▬ ▬▬▬ ▬▬▬▬ ▬▬ ▬▬▬ ▬▬▬▬ ▬▬ ▬▬▬ ▬▬▬▬ ▬▬ ▬▬▬ ▬▬▬▬ ▬▬ ▬▬▬ ▬▬▬▬ ▬▬ ▬▬▬ ▬▬▬▬ ▬▬ ▬▬▬ ▬▬▬▬ ▬▬ ▬▬▬ ▬▬▬▬ ▬▬ ▬▬▬ ▬▬▬▬ ▬▬ ▬▬▬ ▬▬▬▬ ▬▬ ▬▬▬ ▬▬▬▬ ▬▬ ▬▬▬ ▬▬▬▬ ▬▬ ▬▬▬ ▬▬▬▬ ▬▬ ▬▬▬ ▬▬▬▬ ▬▬ ▬▬▬ ▬▬▬▬ ▬▬ ▬▬▬ ▬▬▬▬ ▬▬ ▬▬▬ ▬▬▬▬ ▬▬ ▬▬▬ ▬▬▬▬ ▬▬ ▬▬▬ ▬▬▬▬ ▬▬ ▬▬▬ ▬▬▬▬ ▬▬ ▬▬▬ ▬▬▬▬ ▬▬ ▬▬▬ ▬▬▬▬ ▬▬ ▬▬▬ ▬▬▬▬ ▬▬ ▬▬▬ ▬▬▬▬ ▬▬ ▬▬▬ ▬▬▬▬ ▬▬ ▬▬▬ ▬▬▬▬ ▬▬ ▬▬▬ ▬▬▬▬ ▬▬ ▬▬▬ ▬▬▬▬ ▬▬ ▬▬▬ ▬▬▬▬ ▬▬ ▬▬▬ ▬▬▬▬ ▬▬ ▬▬▬ ▬▬▬▬ ▬▬ ▬▬▬ ▬▬▬▬
▬▬ ▬▬▬ ▬▬▬▬ ▬▬ ▬▬▬ ▬▬▬▬ ▬▬ ▬▬▬ ▬▬▬▬ ▬▬ ▬▬▬ ▬▬▬▬ ▬▬ ▬▬▬ ▬▬▬▬ ▬▬ ▬▬▬ ▬▬▬▬ ▬▬ ▬▬▬ ▬▬▬▬ ▬▬ ▬▬▬ ▬▬▬▬ ▬▬ ▬▬▬ ▬▬▬▬ ▬▬ ▬▬▬ ▬▬▬▬ ▬▬ ▬▬▬ ▬▬▬▬ ▬▬ ▬▬▬ ▬▬▬▬ ▬▬ ▬▬▬ ▬▬▬▬ ▬▬ ▬▬▬ ▬▬▬▬ ▬▬ ▬▬▬ ▬▬▬▬ ▬▬ ▬▬▬ ▬▬▬▬ ▬▬ ▬▬▬ ▬▬▬▬ ▬▬ ▬▬▬ ▬▬▬▬ ▬▬ ▬▬▬ ▬▬▬▬ ▬▬ ▬▬▬ ▬▬▬▬ ▬▬ ▬▬▬ ▬▬▬▬ ▬▬ ▬▬▬ ▬▬▬▬ ▬▬ ▬▬▬ ▬▬▬▬ ▬▬ ▬▬▬ ▬▬▬▬ ▬▬ ▬▬▬ ▬▬▬▬ ▬▬ ▬▬▬ ▬▬▬▬ ▬▬ ▬▬▬ ▬▬▬▬ ▬▬ ▬▬▬ ▬▬▬▬ ▬▬ ▬▬▬ ▬▬▬▬ ▬▬ ▬▬▬ ▬▬▬▬ ▬▬ ▬▬▬ ▬▬▬▬ ▬▬ ▬▬▬ ▬▬▬▬ ▬▬ ▬▬▬ ▬▬▬▬ ▬▬ ▬▬▬ ▬▬▬▬ ▬▬ ▬▬▬ ▬▬▬▬ ▬▬ ▬▬▬ ▬▬▬▬ ▬▬ ▬▬▬ ▬▬▬▬ ▬▬ ▬▬▬ ▬▬▬▬ ▬▬ ▬▬▬ ▬▬▬▬ ▬▬ ▬▬▬ ▬▬▬▬ ▬▬ ▬▬▬ ▬▬▬▬ ▬▬ ▬▬▬ ▬▬▬▬ ▬▬ ▬▬▬ ▬▬▬▬ ▬▬ ▬▬▬ ▬▬▬▬ ▬▬ ▬▬▬ ▬▬▬▬ ▬▬ ▬▬▬ ▬▬▬▬ ▬▬ ▬▬▬ ▬▬▬▬ ▬▬ ▬▬▬ ▬▬▬▬ ▬▬ ▬▬▬ ▬▬▬▬ ▬▬ ▬▬▬ ▬▬▬▬ ▬▬ ▬▬▬ ▬▬▬▬ ▬▬ ▬▬▬ ▬▬▬▬ ▬▬ ▬▬▬ ▬▬▬▬ ▬▬ ▬▬▬ ▬▬▬▬
ಪದ್ಮಶ್ರೀ ಪುರಸ್ಕತ ಡಾ. ಹಾಸನಗೆ ಸನ್ಮಾನ
ರಾಮನಗರ: ಪದ್ಮಶ್ರೀ ಪ್ರಶಸ್ತಿ ಪುರಸ್ಕೃತರಾದ ಡಾ. ಹಾಸನ ರಘು ಅವರನ್ನು ಸಮಾರಂಭದಲ್ಲಿ ಸನ್ಮಾನಿಸಲಾಯಿತು. ▬▬ ▬▬▬ ▬▬▬▬ ▬▬ ▬▬▬ ▬▬▬▬ ▬▬ ▬▬▬ ▬▬▬▬ ▬▬ ▬▬▬ ▬▬▬▬ ▬▬ ▬▬▬ ▬▬▬▬ ▬▬ ▬▬▬ ▬▬▬▬ ▬▬ ▬▬▬ ▬▬▬▬ ▬▬ ▬▬▬ ▬▬▬▬ ▬▬ ▬▬▬ ▬▬▬▬ ▬▬ ▬▬▬ ▬▬▬▬ ▬▬ ▬▬▬ ▬▬▬▬ ▬▬ ▬▬▬ ▬▬▬▬ ▬▬ ▬▬▬ ▬▬▬▬ ▬▬ ▬▬▬ ▬▬▬▬ ▬▬ ▬▬▬ ▬▬▬▬ ▬▬ ▬▬▬ ▬▬▬▬ ▬▬ ▬▬▬ ▬▬▬▬ ▬▬ ▬▬▬ ▬▬▬▬ ▬▬ ▬▬▬ ▬▬▬▬ ▬▬ ▬▬▬ ▬▬▬▬ ▬▬ ▬▬▬ ▬▬▬▬ ▬▬ ▬▬▬ ▬▬▬▬ ▬▬ ▬▬▬ ▬▬▬▬ ▬▬ ▬▬▬ ▬▬▬▬ ▬▬ ▬▬▬ ▬▬▬▬ ▬▬ ▬▬▬ ▬▬▬▬ ▬▬ ▬▬▬ ▬▬▬▬ ▬▬ ▬▬▬ ▬▬▬▬ ▬▬ ▬▬▬ ▬▬▬▬ ▬▬ ▬▬▬ ▬▬▬▬ ▬▬ ▬▬▬ ▬▬▬▬ ▬▬ ▬▬▬ ▬▬▬▬ ▬▬ ▬▬▬ ▬▬▬▬ ▬▬ ▬▬▬ ▬▬▬▬ ▬▬ ▬▬▬ ▬▬▬▬ ▬▬ ▬▬▬ ▬▬▬▬ ▬▬ ▬▬▬ ▬▬▬▬ ▬▬ ▬▬▬ ▬▬▬▬ ▬▬ ▬▬▬ ▬▬▬▬ ▬▬ ▬▬▬ ▬▬▬▬ ▬▬ ▬▬▬ ▬▬▬▬ ▬▬ ▬▬▬ ▬▬▬▬ ▬▬ ▬▬▬ ▬▬▬▬ ▬▬ ▬▬▬ ▬▬▬▬ ▬▬ ▬▬▬ ▬▬▬▬ ▬▬ ▬▬▬ ▬▬▬▬ ▬▬ ▬▬▬ ▬▬▬▬ ▬▬ ▬▬▬ ▬▬▬▬ ▬▬ ▬▬▬ ▬▬▬▬ ▬▬ ▬▬▬ ▬▬▬▬ ▬▬ ▬▬▬ ▬▬▬▬ ▬▬ ▬▬▬ ▬▬▬▬ ▬▬ ▬▬▬ ▬▬▬▬ ▬▬ ▬▬▬ ▬▬▬▬ ▬▬ ▬▬▬ ▬▬▬▬ ▬▬ ▬▬▬ ▬▬▬▬ ▬▬ ▬▬▬ ▬▬▬▬ ▬▬ ▬▬▬ ▬▬▬▬ ▬▬ ▬▬▬ ▬▬▬▬ ▬▬ ▬▬▬ ▬▬▬▬ ▬▬ ▬▬▬ ▬▬▬▬ ▬▬ ▬▬▬ ▬▬▬▬ ▬▬ ▬▬▬ ▬▬▬▬ ▬▬ ▬▬▬ ▬▬▬▬ ▬▬ ▬▬▬ ▬▬▬▬ ▬▬ ▬▬▬ ▬▬▬▬ ▬▬ ▬▬▬ ▬▬▬▬ ▬▬ ▬▬▬ ▬▬▬▬
▬▬ ▬▬▬ ▬▬▬▬ ▬▬ ▬▬▬ ▬▬▬▬ ▬▬ ▬▬▬ ▬▬▬▬ ▬▬ ▬▬▬ ▬▬▬▬ ▬▬ ▬▬▬ ▬▬▬▬ ▬▬ ▬▬▬ ▬▬▬▬ ▬▬ ▬▬▬ ▬▬▬▬ ▬▬ ▬▬▬ ▬▬▬▬ ▬▬ ▬▬▬ ▬▬▬▬ ▬▬ ▬▬▬ ▬▬▬▬ ▬▬ ▬▬▬ ▬▬▬▬ ▬▬ ▬▬▬ ▬▬▬▬ ▬▬ ▬▬▬ ▬▬▬▬ ▬▬ ▬▬▬ ▬▬▬▬ ▬▬ ▬▬▬ ▬▬▬▬ ▬▬ ▬▬▬ ▬▬▬▬ ▬▬ ▬▬▬ ▬▬▬▬ ▬▬ ▬▬▬ ▬▬▬▬ ▬▬ ▬▬▬ ▬▬▬▬ ▬▬ ▬▬▬ ▬▬▬▬ ▬▬ ▬▬▬ ▬▬▬▬ ▬▬ ▬▬▬ ▬▬▬▬ ▬▬ ▬▬▬ ▬▬▬▬ ▬▬ ▬▬▬ ▬▬▬▬ ▬▬ ▬▬▬ ▬▬▬▬ ▬▬ ▬▬▬ ▬▬▬▬ ▬▬ ▬▬▬ ▬▬▬▬ ▬▬ ▬▬▬ ▬▬▬▬ ▬▬ ▬▬▬ ▬▬▬▬ ▬▬ ▬▬▬ ▬▬▬▬ ▬▬ ▬▬▬ ▬▬▬▬ ▬▬ ▬▬▬ ▬▬▬▬ ▬▬ ▬▬▬ ▬▬▬▬ ▬▬ ▬▬▬ ▬▬▬▬ ▬▬ ▬▬▬ ▬▬▬▬ ▬▬ ▬▬▬ ▬▬▬▬ ▬▬ ▬▬▬ ▬▬▬▬ ▬▬ ▬▬▬ ▬▬▬▬ ▬▬ ▬▬▬ ▬▬▬▬ ▬▬ ▬▬▬ ▬▬▬▬ ▬▬ ▬▬▬ ▬▬▬▬ ▬▬ ▬▬▬ ▬▬▬▬ ▬▬ ▬▬▬ ▬▬▬▬ ▬▬ ▬▬▬ ▬▬▬▬ ▬▬ ▬▬▬ ▬▬▬▬ ▬▬ ▬▬▬ ▬▬▬▬
▬▬ ▬▬▬ ▬▬▬▬ ▬▬ ▬▬▬ ▬▬▬▬ ▬▬ ▬▬▬ ▬▬▬▬ ▬▬ ▬▬▬ ▬▬▬▬ ▬▬ ▬▬▬ ▬▬▬▬ ▬▬ ▬▬▬ ▬▬▬▬ ▬▬ ▬▬▬ ▬▬▬▬ ▬▬ ▬▬▬ ▬▬▬▬ ▬▬ ▬▬▬ ▬▬▬▬ ▬▬ ▬▬▬ ▬▬▬▬ ▬▬ ▬▬▬ ▬▬▬▬ ▬▬ ▬▬▬ ▬▬▬▬ ▬▬ ▬▬▬ ▬▬▬▬ ▬▬ ▬▬▬ ▬▬▬▬ ▬▬ ▬▬▬ ▬▬▬▬ ▬▬ ▬▬▬ ▬▬▬▬ ▬▬ ▬▬▬ ▬▬▬▬ ▬▬ ▬▬▬ ▬▬▬▬ ▬▬ ▬▬▬ ▬▬▬▬ ▬▬ ▬▬▬ ▬▬▬▬ ▬▬ ▬▬▬ ▬▬▬▬ ▬▬ ▬▬▬ ▬▬▬▬ ▬▬ ▬▬▬ ▬▬▬▬ ▬▬ ▬▬▬ ▬▬▬▬ ▬▬ ▬▬▬ ▬▬▬▬ ▬▬ ▬▬▬ ▬▬▬▬ ▬▬ ▬▬▬ ▬▬▬▬ ▬▬ ▬▬▬ ▬▬▬▬ ▬▬ ▬▬▬ ▬▬▬▬ ▬▬ ▬▬▬ ▬▬▬▬ ▬▬ ▬▬▬ ▬▬▬▬ ▬▬ ▬▬▬ ▬▬▬▬ ▬▬ ▬▬▬ ▬▬▬▬ ▬▬ ▬▬▬ ▬▬▬▬ ▬▬ ▬▬▬ ▬▬▬▬ ▬▬ ▬▬▬ ▬▬▬▬ ▬▬ ▬▬▬ ▬▬▬▬ ▬▬ ▬▬▬ ▬▬▬▬ ▬▬ ▬▬▬ ▬▬▬▬ ▬▬ ▬▬▬ ▬▬▬▬ ▬▬ ▬▬▬ ▬▬▬▬ ▬▬ ▬▬▬ ▬▬▬▬ ▬▬ ▬▬▬ ▬▬▬▬ ▬▬ ▬▬▬ ▬▬▬▬ ▬▬ ▬▬▬ ▬▬▬▬ ▬▬ ▬▬▬ ▬▬▬▬ ▬▬ ▬▬▬ ▬▬▬▬ ▬▬ ▬▬▬ ▬▬▬▬ ▬▬ ▬▬▬ ▬▬▬▬ ▬▬ ▬▬▬ ▬▬▬▬ ▬▬ ▬▬▬ ▬▬▬▬ ▬▬ ▬▬▬ ▬▬▬▬ ▬▬ ▬▬▬ ▬▬▬▬ ▬▬ ▬▬▬ ▬▬▬▬ ▬▬ ▬▬▬ ▬▬▬▬ ▬▬ ▬▬▬ ▬▬▬▬ ▬▬ ▬▬▬ ▬▬▬▬ ▬▬ ▬▬▬ ▬▬▬▬ ▬▬ ▬▬▬ ▬▬▬▬ ▬▬ ▬▬▬ ▬▬▬▬ ▬▬ ▬▬▬ ▬▬▬▬ ▬▬ ▬▬▬ ▬▬▬▬ ▬▬ ▬▬▬ ▬▬▬▬ ▬▬ ▬▬▬ ▬▬▬▬
ಅಂಗಡಿ, ಹೋಟೆಲ್ ಸ್ಟೋರ್‌ಗಳ ಮೇಲೆ ದಿಢೀರ್ ದಾಳಿ: ಪ್ಲಾಸ್ಟಿಕ್ ವಶ
ವಿಜಯಪುರ: ಪುರಸಭೆ ಆರೋಗ್ಯ ವಿಭಾಗದ ಸಿಬ್ಬಂದಿ ಪಟ್ಟಣದ ಅಂಗಡಿ, ಹೋಟೆಲ್ ಹಾಗೂ ಸ್ಟೋರ್‌ಗಳ ಮೇಲೆ ದಿಢೀರ್ ದಾಳಿ ನಡೆಸಿ ನಿಷೇಧಿತ ಪ್ಲಾಸ್ಟಿಕ್ ವಶಪಡಿಸಿಕೊಂಡರು. ▬▬ ▬▬▬ ▬▬▬▬ ▬▬ ▬▬▬ ▬▬▬▬ ▬▬ ▬▬▬ ▬▬▬▬ ▬▬ ▬▬▬ ▬▬▬▬ ▬▬ ▬▬▬ ▬▬▬▬ ▬▬ ▬▬▬ ▬▬▬▬
ವಿಜಯಪುರ ಪಟ್ಟಣದಲ್ಲಿ ಪುರಸಭೆ ಅಧಿಕಾರಿಗಳು ದಾಳಿ ನಡೆಸಿ ಪ್ಲಾಸ್ಟಿಕ್ ವಶಪಡಿಸಿಕೊಂಡರು.
